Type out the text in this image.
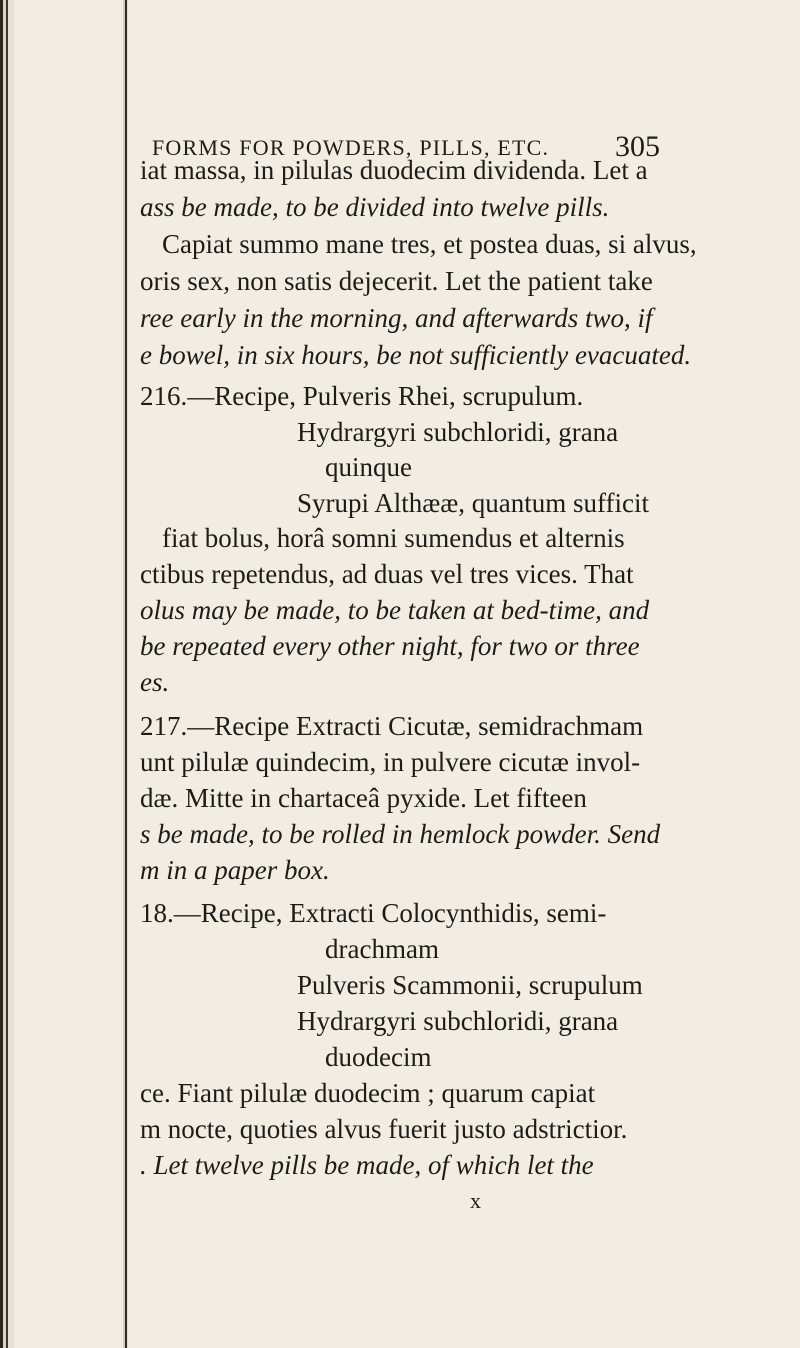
FORMS FOR POWDERS, PILLS, ETC.	305
iat massa, in pilulas duodecim dividenda. Let a
ass be made, to be divided into twelve pills.
Capiat summo mane tres, et postea duas, si alvus,
oris sex, non satis dejecerit. Let the patient take
ree early in the morning, and afterwards two, if
e bowel, in six hours, be not sufficiently evacuated.
216.—Recipe, Pulveris Rhei, scrupulum.
Hydrargyri subchloridi, grana
quinque
Syrupi Althææ, quantum sufficit
fiat bolus, horâ somni sumendus et alternis
ctibus repetendus, ad duas vel tres vices. That
olus may be made, to be taken at bed-time, and
be repeated every other night, for two or three
es.
217.—Recipe Extracti Cicutæ, semidrachmam
unt pilulæ quindecim, in pulvere cicutæ invol-
dæ. Mitte in chartaceâ pyxide. Let fifteen
s be made, to be rolled in hemlock powder. Send
m in a paper box.
18.—Recipe, Extracti Colocynthidis, semi-
drachmam
Pulveris Scammonii, scrupulum
Hydrargyri subchloridi, grana
duodecim
ce. Fiant pilulæ duodecim ; quarum capiat
m nocte, quoties alvus fuerit justo adstrictior.
. Let twelve pills be made, of which let the
x
